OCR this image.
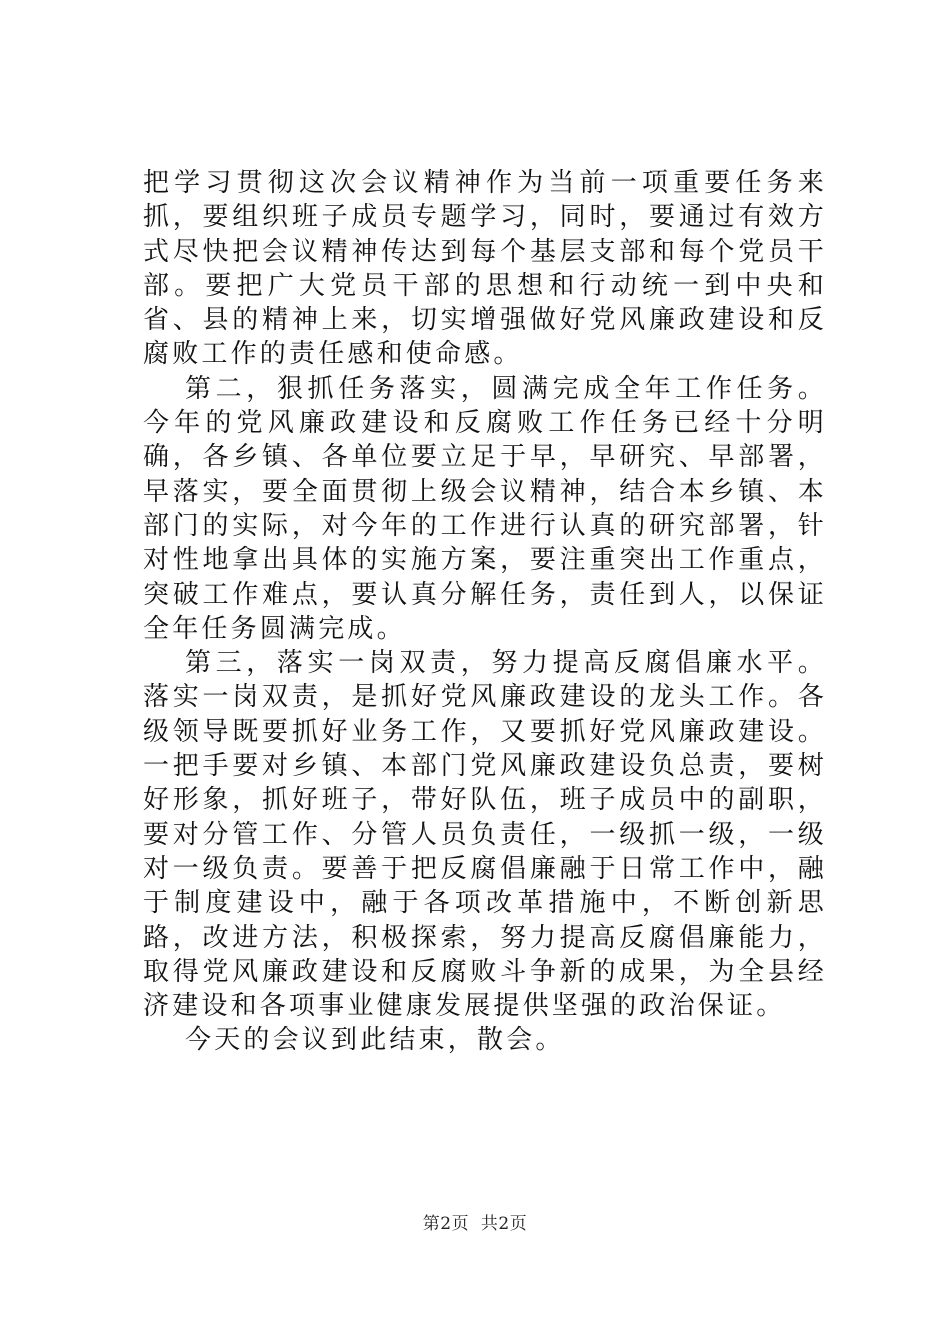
把学习贯彻这次会议精神作为当前一项重要任务来抓，要组织班子成员专题学习，同时，要通过有效方式尽快把会议精神传达到每个基层支部和每个党员干部。要把广大党员干部的思想和行动统一到中央和省、县的精神上来，切实增强做好党风廉政建设和反腐败工作的责任感和使命感。

第二，狠抓任务落实，圆满完成全年工作任务。今年的党风廉政建设和反腐败工作任务已经十分明确，各乡镇、各单位要立足于早，早研究、早部署，早落实，要全面贯彻上级会议精神，结合本乡镇、本部门的实际，对今年的工作进行认真的研究部署，针对性地拿出具体的实施方案，要注重突出工作重点，突破工作难点，要认真分解任务，责任到人，以保证全年任务圆满完成。

第三，落实一岗双责，努力提高反腐倡廉水平。落实一岗双责，是抓好党风廉政建设的龙头工作。各级领导既要抓好业务工作，又要抓好党风廉政建设。一把手要对乡镇、本部门党风廉政建设负总责，要树好形象，抓好班子，带好队伍，班子成员中的副职，要对分管工作、分管人员负责任，一级抓一级，一级对一级负责。要善于把反腐倡廉融于日常工作中，融于制度建设中，融于各项改革措施中，不断创新思路，改进方法，积极探索，努力提高反腐倡廉能力，取得党风廉政建设和反腐败斗争新的成果，为全县经济建设和各项事业健康发展提供坚强的政治保证。

今天的会议到此结束，散会。

第2页  共2页
